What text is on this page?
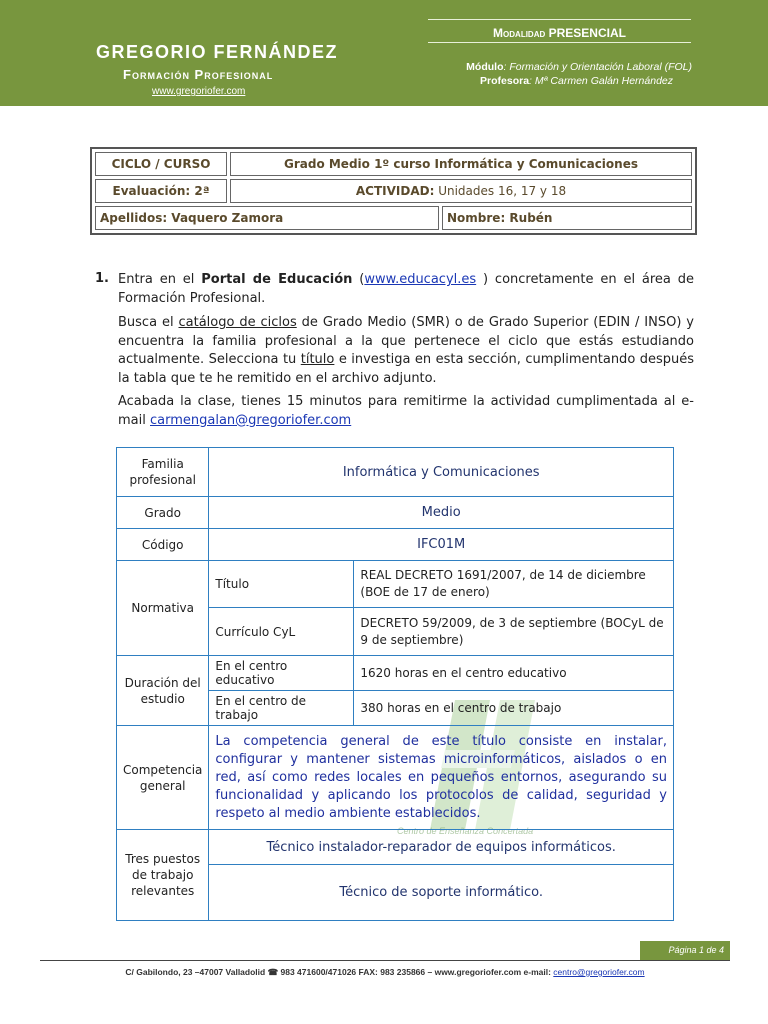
GREGORIO FERNÁNDEZ
Formación Profesional
www.gregoriofer.com
Modalidad PRESENCIAL
Módulo: Formación y Orientación Laboral (FOL)
Profesora: Mª Carmen Galán Hernández
CICLO / CURSO	Grado Medio 1º curso Informática y Comunicaciones	
Evaluación: 2ª	ACTIVIDAD: Unidades 16, 17 y 18	
Apellidos: Vaquero Zamora		Nombre: Rubén
1. Entra en el Portal de Educación (www.educacyl.es ) concretamente en el área de Formación Profesional.
Busca el catálogo de ciclos de Grado Medio (SMR) o de Grado Superior (EDIN / INSO) y encuentra la familia profesional a la que pertenece el ciclo que estás estudiando actualmente. Selecciona tu título e investiga en esta sección, cumplimentando después la tabla que te he remitido en el archivo adjunto.
Acabada la clase, tienes 15 minutos para remitirme la actividad cumplimentada al e-mail carmengalan@gregoriofer.com
Centro de Enseñanza Concertada
Familia profesional	Informática y Comunicaciones	
Grado	Medio	
Código	IFC01M	
Normativa	Título	REAL DECRETO 1691/2007, de 14 de diciembre (BOE de 17 de enero)
	Currículo CyL	DECRETO 59/2009, de 3 de septiembre (BOCyL de 9 de septiembre)
Duración del estudio	En el centro educativo	1620 horas en el centro educativo
	En el centro de trabajo	380 horas en el centro de trabajo
Competencia general	La competencia general de este título consiste en instalar, configurar y mantener sistemas microinformáticos, aislados o en red, así como redes locales en pequeños entornos, asegurando su funcionalidad y aplicando los protocolos de calidad, seguridad y respeto al medio ambiente establecidos.	
Tres puestos de trabajo relevantes	Técnico instalador-reparador de equipos informáticos.	
	Técnico de soporte informático.	
Página 1 de 4
C/ Gabilondo, 23 –47007 Valladolid ☎ 983 471600/471026 FAX: 983 235866 – www.gregoriofer.com e-mail: centro@gregoriofer.com
